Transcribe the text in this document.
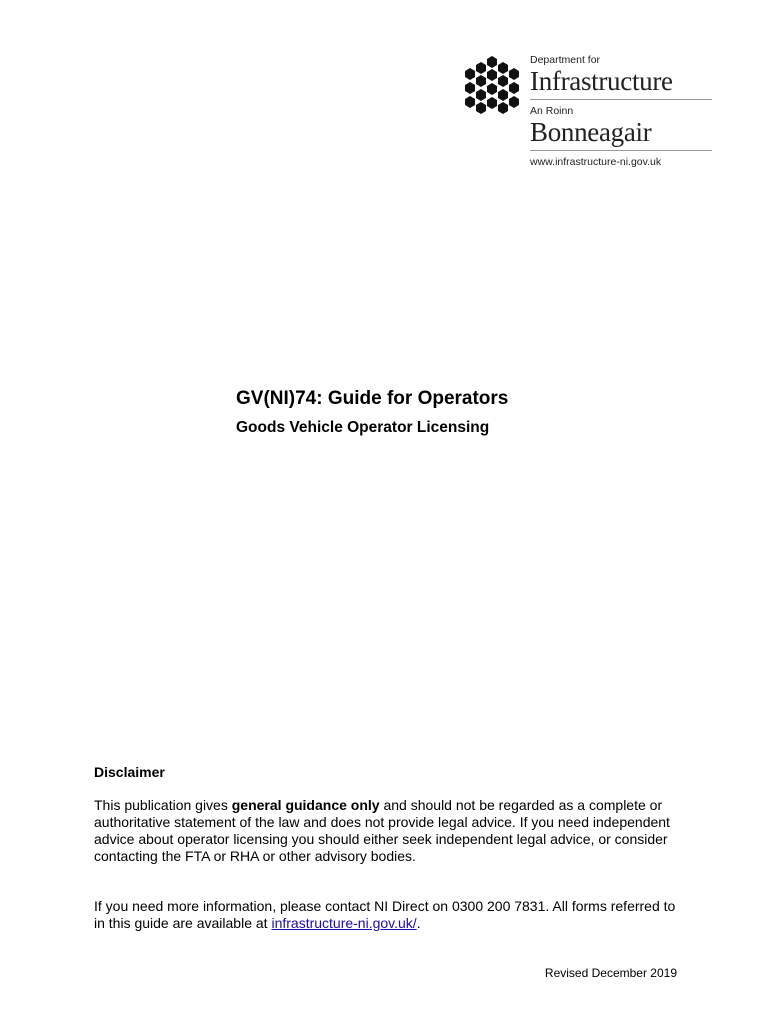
Department for
Infrastructure
An Roinn
Bonneagair
www.infrastructure-ni.gov.uk
GV(NI)74: Guide for Operators
Goods Vehicle Operator Licensing
Disclaimer
This publication gives general guidance only and should not be regarded as a complete or authoritative statement of the law and does not provide legal advice. If you need independent advice about operator licensing you should either seek independent legal advice, or consider contacting the FTA or RHA or other advisory bodies.
If you need more information, please contact NI Direct on 0300 200 7831. All forms referred to in this guide are available at infrastructure-ni.gov.uk/.
Revised December 2019
